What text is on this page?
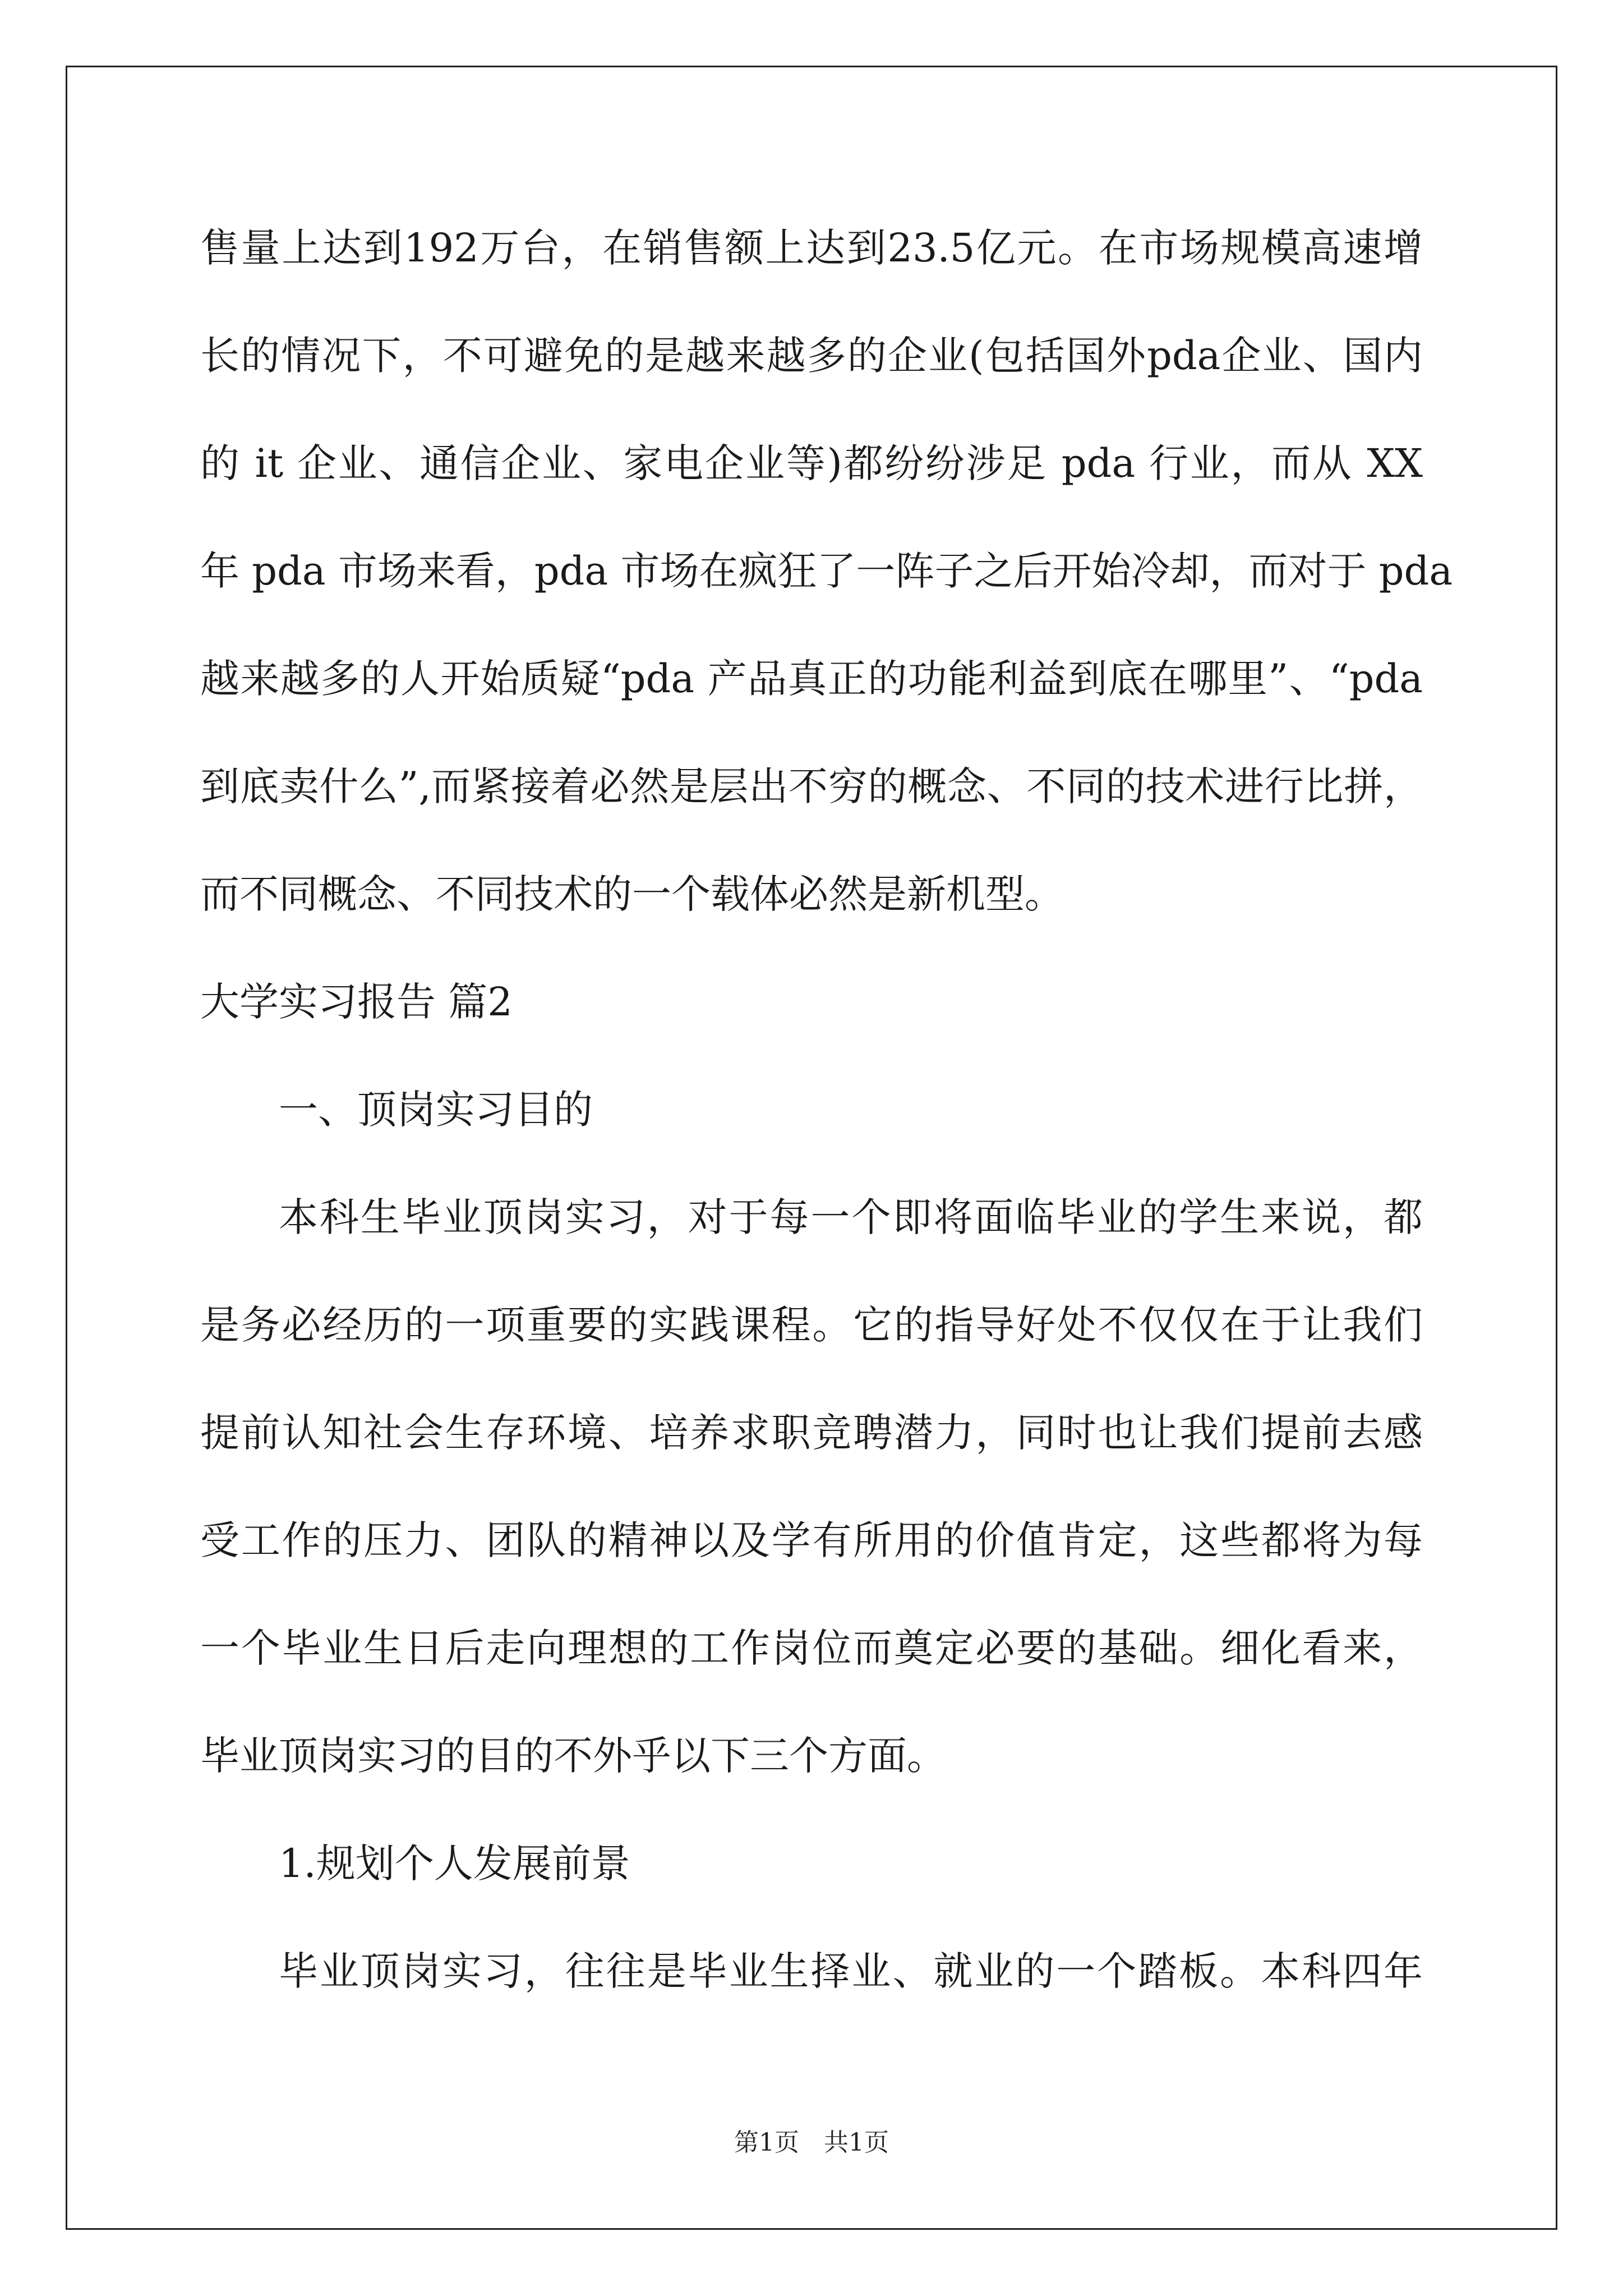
售量上达到192万台，在销售额上达到23.5亿元。在市场规模高速增
长的情况下，不可避免的是越来越多的企业(包括国外pda企业、国内
的 it 企业、通信企业、家电企业等)都纷纷涉足 pda 行业，而从 XX
年 pda 市场来看，pda 市场在疯狂了一阵子之后开始冷却，而对于 pda
越来越多的人开始质疑“pda 产品真正的功能利益到底在哪里”、“pda
到底卖什么”,而紧接着必然是层出不穷的概念、不同的技术进行比拼，
而不同概念、不同技术的一个载体必然是新机型。
大学实习报告 篇2
一、顶岗实习目的
本科生毕业顶岗实习，对于每一个即将面临毕业的学生来说，都
是务必经历的一项重要的实践课程。它的指导好处不仅仅在于让我们
提前认知社会生存环境、培养求职竞聘潜力，同时也让我们提前去感
受工作的压力、团队的精神以及学有所用的价值肯定，这些都将为每
一个毕业生日后走向理想的工作岗位而奠定必要的基础。细化看来，
毕业顶岗实习的目的不外乎以下三个方面。
1.规划个人发展前景
毕业顶岗实习，往往是毕业生择业、就业的一个踏板。本科四年
第1页　共1页
